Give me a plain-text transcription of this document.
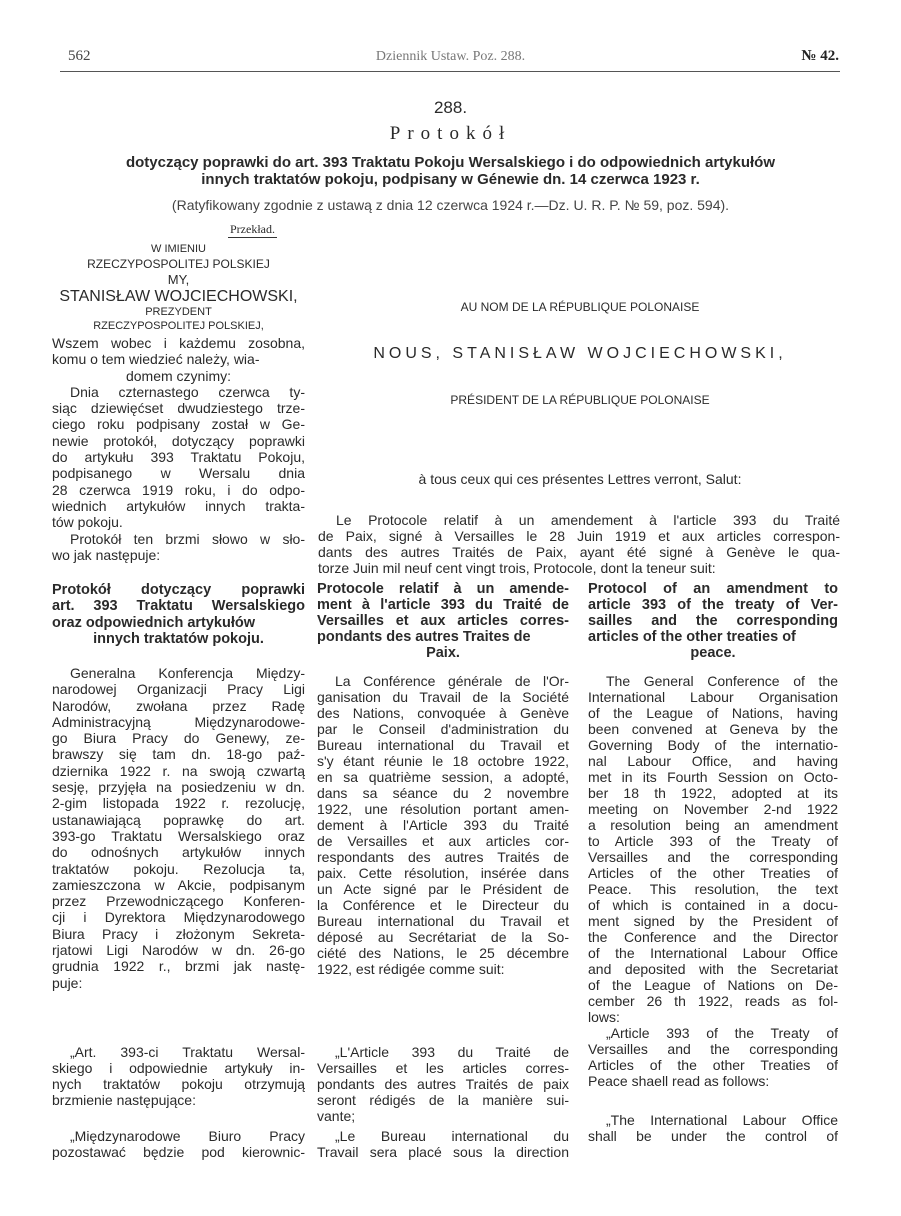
562	Dziennik Ustaw. Poz. 288.	№ 42.
288.
Protokół
dotyczący poprawki do art. 393 Traktatu Pokoju Wersalskiego i do odpowiednich artykułów
innych traktatów pokoju, podpisany w Génewie dn. 14 czerwca 1923 r.
(Ratyfikowany zgodnie z ustawą z dnia 12 czerwca 1924 r.—Dz. U. R. P. № 59, poz. 594).
Przekład.
W IMIENIU
RZECZYPOSPOLITEJ POLSKIEJ
MY,
STANISŁAW WOJCIECHOWSKI,
PREZYDENT
RZECZYPOSPOLITEJ POLSKIEJ,
AU NOM DE LA RÉPUBLIQUE POLONAISE
NOUS, STANISŁAW WOJCIECHOWSKI,
PRÉSIDENT DE LA RÉPUBLIQUE POLONAISE
à tous ceux qui ces présentes Lettres verront, Salut:
Wszem wobec i każdemu zosobna,
komu o tem wiedzieć należy, wia-
domem czynimy:
Dnia czternastego czerwca ty-
siąc dziewięćset dwudziestego trze-
ciego roku podpisany został w Ge-
newie protokół, dotyczący poprawki
do artykułu 393 Traktatu Pokoju,
podpisanego w Wersalu dnia
28 czerwca 1919 roku, i do odpo-
wiednich artykułów innych trakta-
tów pokoju.
Protokół ten brzmi słowo w sło-
wo jak następuje:
Le Protocole relatif à un amendement à l'article 393 du Traité
de Paix, signé à Versailles le 28 Juin 1919 et aux articles correspon-
dants des autres Traités de Paix, ayant été signé à Genève le qua-
torze Juin mil neuf cent vingt trois, Protocole, dont la teneur suit:
Protokół dotyczący poprawki
art. 393 Traktatu Wersalskiego
oraz odpowiednich artykułów
innych traktatów pokoju.
Protocole relatif à un amende-
ment à l'article 393 du Traité de
Versailles et aux articles corres-
pondants des autres Traites de
Paix.
Protocol of an amendment to
article 393 of the treaty of Ver-
sailles and the corresponding
articles of the other treaties of
peace.
Generalna Konferencja Między-
narodowej Organizacji Pracy Ligi
Narodów, zwołana przez Radę
Administracyjną Międzynarodowe-
go Biura Pracy do Genewy, ze-
brawszy się tam dn. 18-go paź-
dziernika 1922 r. na swoją czwartą
sesję, przyjęła na posiedzeniu w dn.
2-gim listopada 1922 r. rezolucję,
ustanawiającą poprawkę do art.
393-go Traktatu Wersalskiego oraz
do odnośnych artykułów innych
traktatów pokoju. Rezolucja ta,
zamieszczona w Akcie, podpisanym
przez Przewodniczącego Konferen-
cji i Dyrektora Międzynarodowego
Biura Pracy i złożonym Sekreta-
rjatowi Ligi Narodów w dn. 26-go
grudnia 1922 r., brzmi jak nastę-
puje:
La Conférence générale de l'Or-
ganisation du Travail de la Société
des Nations, convoquée à Genève
par le Conseil d'administration du
Bureau international du Travail et
s'y étant réunie le 18 octobre 1922,
en sa quatrième session, a adopté,
dans sa séance du 2 novembre
1922, une résolution portant amen-
dement à l'Article 393 du Traité
de Versailles et aux articles cor-
respondants des autres Traités de
paix. Cette résolution, insérée dans
un Acte signé par le Président de
la Conférence et le Directeur du
Bureau international du Travail et
déposé au Secrétariat de la So-
ciété des Nations, le 25 décembre
1922, est rédigée comme suit:
The General Conference of the
International Labour Organisation
of the League of Nations, having
been convened at Geneva by the
Governing Body of the internatio-
nal Labour Office, and having
met in its Fourth Session on Octo-
ber 18 th 1922, adopted at its
meeting on November 2-nd 1922
a resolution being an amendment
to Article 393 of the Treaty of
Versailles and the corresponding
Articles of the other Treaties of
Peace. This resolution, the text
of which is contained in a docu-
ment signed by the President of
the Conference and the Director
of the International Labour Office
and deposited with the Secretariat
of the League of Nations on De-
cember 26 th 1922, reads as fol-
lows:
„Article 393 of the Treaty of
Versailles and the corresponding
Articles of the other Treaties of
Peace shaell read as follows:
„Art. 393-ci Traktatu Wersal-
skiego i odpowiednie artykuły in-
nych traktatów pokoju otrzymują
brzmienie następujące:
„L'Article 393 du Traité de
Versailles et les articles corres-
pondants des autres Traités de paix
seront rédigés de la manière sui-
vante;
„Międzynarodowe Biuro Pracy
pozostawać będzie pod kierownic-
„Le Bureau international du
Travail sera placé sous la direction
„The International Labour Office
shall be under the control of
